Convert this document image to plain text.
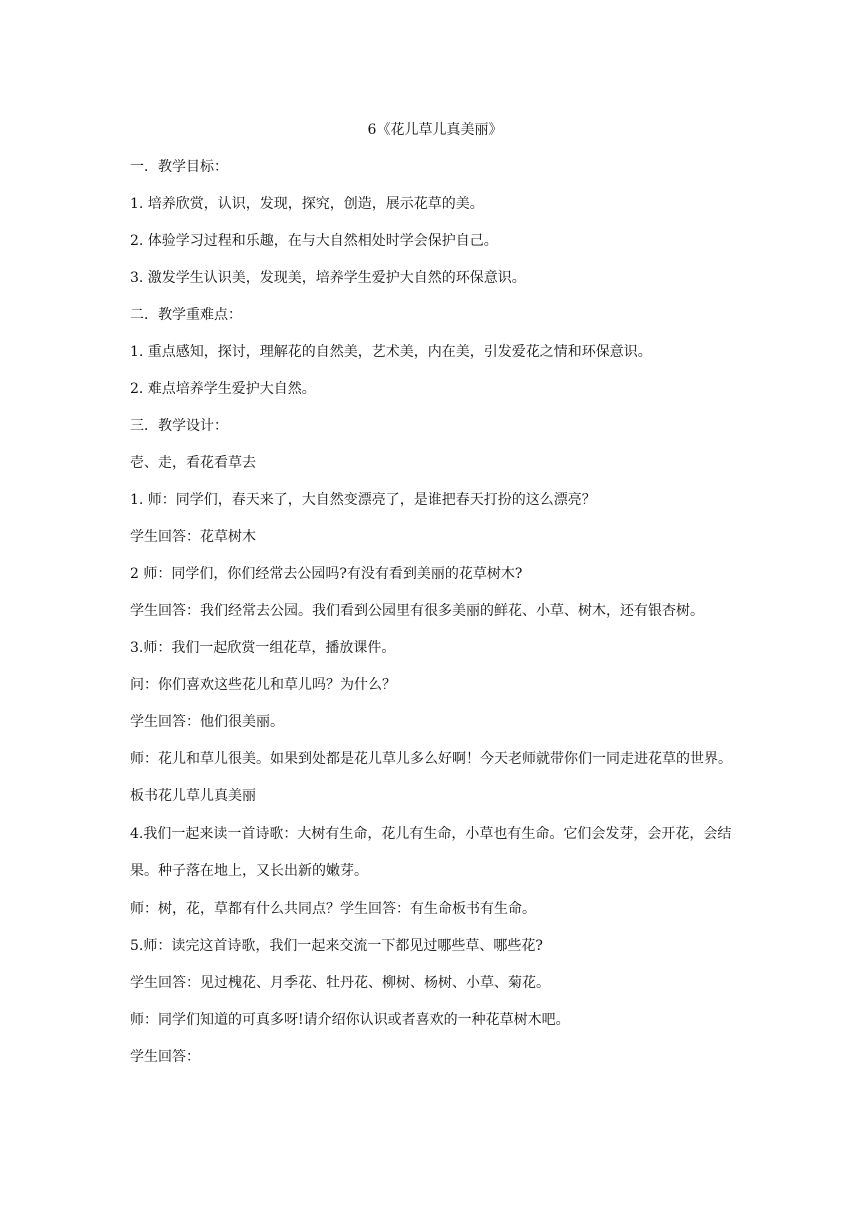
6《花儿草儿真美丽》
一．教学目标：
1. 培养欣赏，认识，发现，探究，创造，展示花草的美。
2. 体验学习过程和乐趣，在与大自然相处时学会保护自己。
3. 激发学生认识美，发现美，培养学生爱护大自然的环保意识。
二．教学重难点：
1. 重点感知，探讨，理解花的自然美，艺术美，内在美，引发爱花之情和环保意识。
2. 难点培养学生爱护大自然。
三．教学设计：
壱、走，看花看草去
1. 师：同学们，春天来了，大自然变漂亮了，是谁把春天打扮的这么漂亮？
学生回答：花草树木
2 师：同学们，你们经常去公园吗?有没有看到美丽的花草树木?
学生回答：我们经常去公园。我们看到公园里有很多美丽的鲜花、小草、树木，还有银杏树。
3.师：我们一起欣赏一组花草，播放课件。
问：你们喜欢这些花儿和草儿吗？为什么？
学生回答：他们很美丽。
师：花儿和草儿很美。如果到处都是花儿草儿多么好啊！今天老师就带你们一同走进花草的世界。板书花儿草儿真美丽
4.我们一起来读一首诗歌：大树有生命，花儿有生命，小草也有生命。它们会发芽，会开花，会结果。种子落在地上，又长出新的嫩芽。
师：树，花，草都有什么共同点？学生回答：有生命板书有生命。
5.师：读完这首诗歌，我们一起来交流一下都见过哪些草、哪些花?
学生回答：见过槐花、月季花、牡丹花、柳树、杨树、小草、菊花。
师：同学们知道的可真多呀!请介绍你认识或者喜欢的一种花草树木吧。
学生回答：
